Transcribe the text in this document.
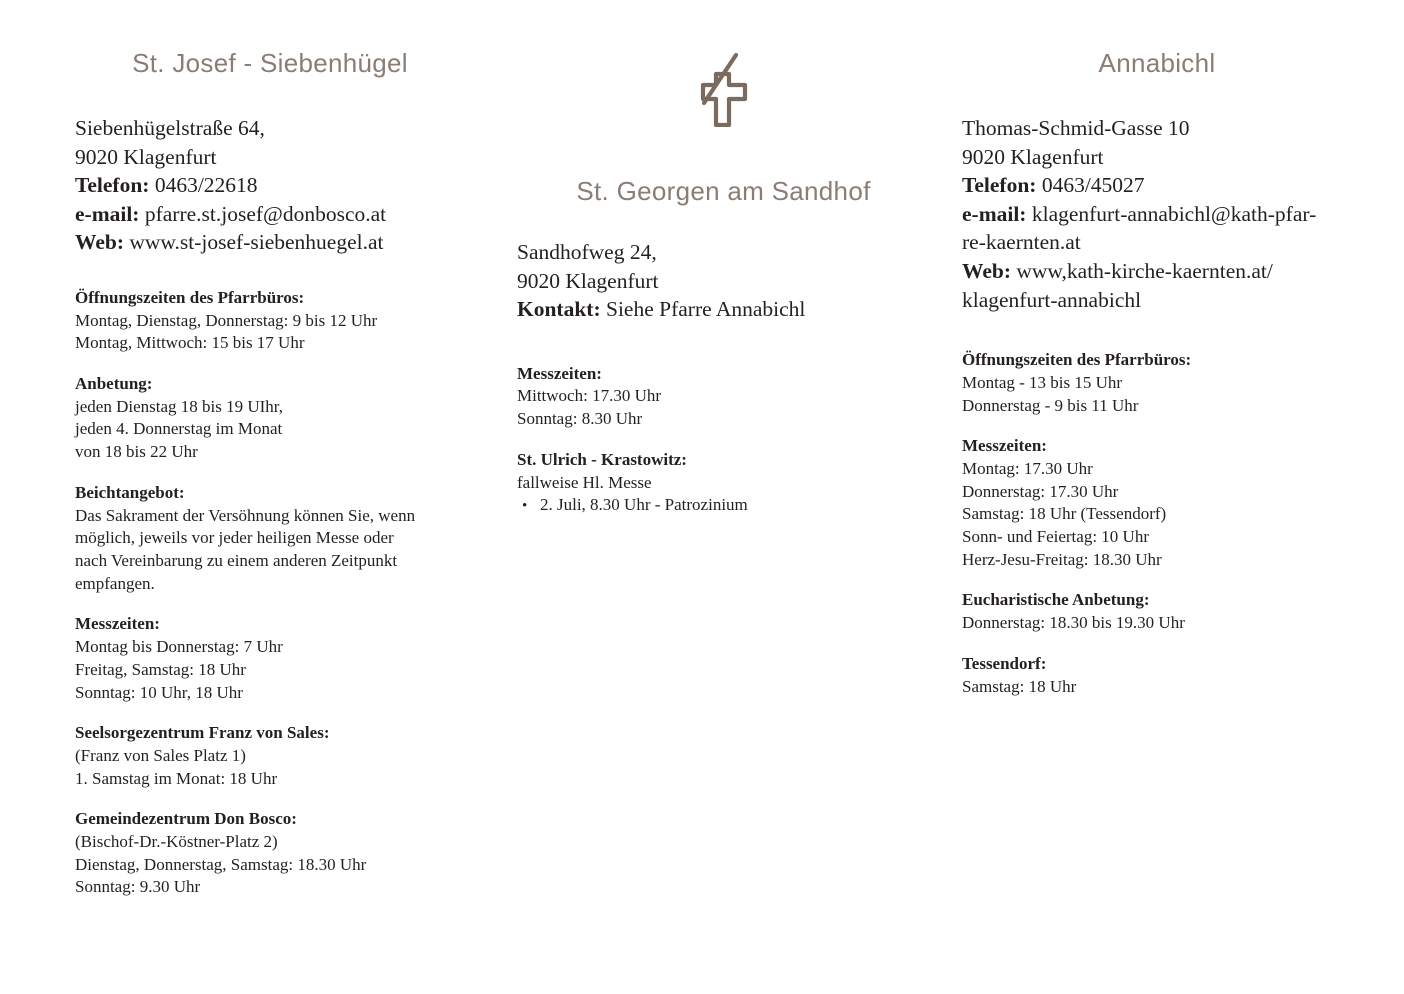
St. Josef - Siebenhügel
Siebenhügelstraße 64,
9020 Klagenfurt
Telefon: 0463/22618
e-mail: pfarre.st.josef@donbosco.at
Web: www.st-josef-siebenhuegel.at
Öffnungszeiten des Pfarrbüros:
Montag, Dienstag, Donnerstag: 9 bis 12 Uhr
Montag, Mittwoch: 15 bis 17 Uhr
Anbetung:
jeden Dienstag 18 bis 19 UIhr,
jeden 4. Donnerstag im Monat
von 18 bis 22 Uhr
Beichtangebot:
Das Sakrament der Versöhnung können Sie, wenn
möglich, jeweils vor jeder heiligen Messe oder
nach Vereinbarung zu einem anderen Zeitpunkt
empfangen.
Messzeiten:
Montag bis Donnerstag: 7 Uhr
Freitag, Samstag: 18 Uhr
Sonntag: 10 Uhr, 18 Uhr
Seelsorgezentrum Franz von Sales:
(Franz von Sales Platz 1)
1. Samstag im Monat: 18 Uhr
Gemeindezentrum Don Bosco:
(Bischof-Dr.-Köstner-Platz 2)
Dienstag, Donnerstag, Samstag: 18.30 Uhr
Sonntag: 9.30 Uhr
St. Georgen am Sandhof
Sandhofweg 24,
9020 Klagenfurt
Kontakt: Siehe Pfarre Annabichl
Messzeiten:
Mittwoch: 17.30 Uhr
Sonntag: 8.30 Uhr
St. Ulrich - Krastowitz:
fallweise Hl. Messe
• 2. Juli, 8.30 Uhr - Patrozinium
Annabichl
Thomas-Schmid-Gasse 10
9020 Klagenfurt
Telefon: 0463/45027
e-mail: klagenfurt-annabichl@kath-pfar-
re-kaernten.at
Web: www,kath-kirche-kaernten.at/
klagenfurt-annabichl
Öffnungszeiten des Pfarrbüros:
Montag - 13 bis 15 Uhr
Donnerstag - 9 bis 11 Uhr
Messzeiten:
Montag: 17.30 Uhr
Donnerstag: 17.30 Uhr
Samstag: 18 Uhr (Tessendorf)
Sonn- und Feiertag: 10 Uhr
Herz-Jesu-Freitag: 18.30 Uhr
Eucharistische Anbetung:
Donnerstag: 18.30 bis 19.30 Uhr
Tessendorf:
Samstag: 18 Uhr
